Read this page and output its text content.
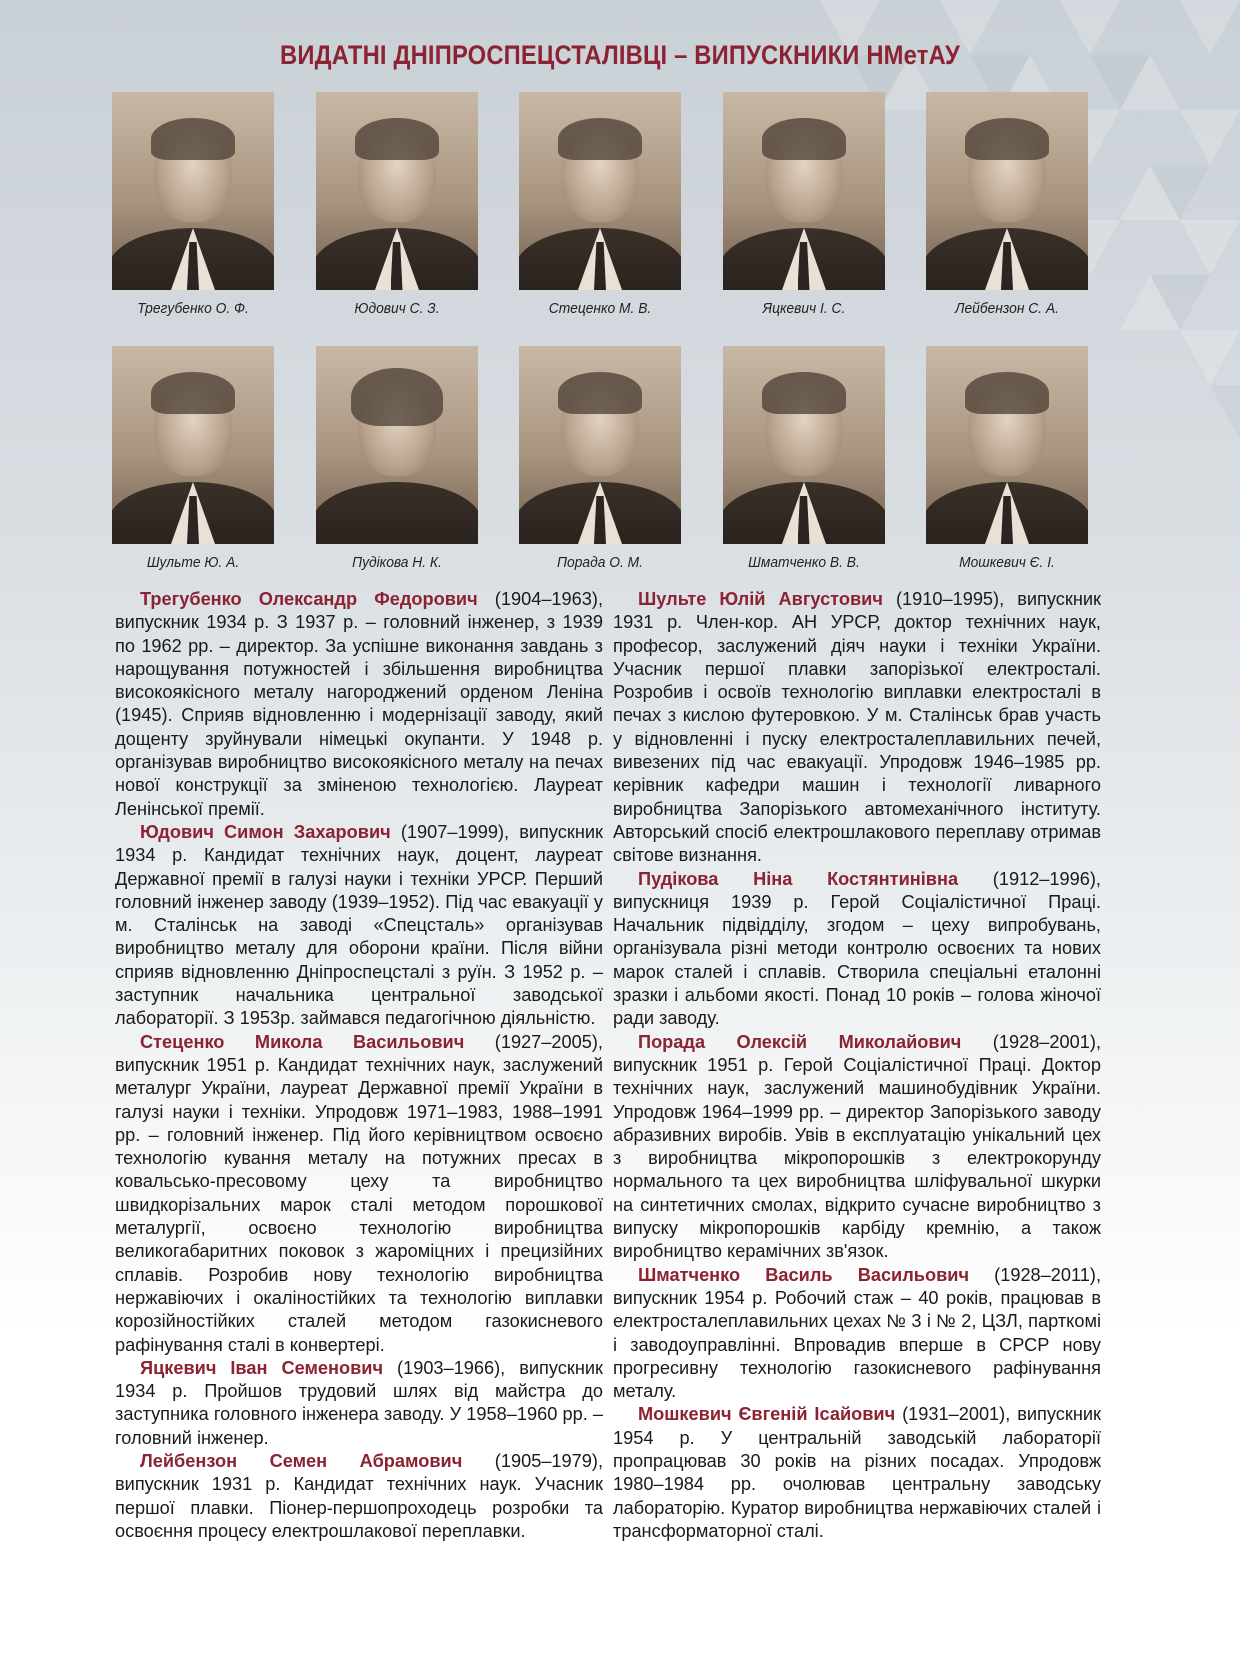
ВИДАТНІ ДНІПРОСПЕЦСТАЛІВЦІ – ВИПУСКНИКИ НМетАУ
Трегубенко О. Ф.	Юдович С. З.	Стеценко М. В.	Яцкевич І. С.	Лейбензон С. А.
Шульте Ю. А.	Пудікова Н. К.	Порада О. М.	Шматченко В. В.	Мошкевич Є. І.

Трегубенко Олександр Федорович (1904–1963), випускник 1934 р. З 1937 р. – головний інженер, з 1939 по 1962 рр. – директор. За успішне виконання завдань з нарощування потужностей і збільшення виробництва високоякісного металу нагороджений орденом Леніна (1945). Сприяв відновленню і модернізації заводу, який дощенту зруйнували німецькі окупанти. У 1948 р. організував виробництво високоякісного металу на печах нової конструкції за зміненою технологією. Лауреат Ленінської премії.

Юдович Симон Захарович (1907–1999), випускник 1934 р. Кандидат технічних наук, доцент, лауреат Державної премії в галузі науки і техніки УРСР. Перший головний інженер заводу (1939–1952). Під час евакуації у м. Сталінськ на заводі «Спецсталь» організував виробництво металу для оборони країни. Після війни сприяв відновленню Дніпроспецсталі з руїн. З 1952 р. – заступник начальника центральної заводської лабораторії. З 1953р. займався педагогічною діяльністю.

Стеценко Микола Васильович (1927–2005), випускник 1951 р. Кандидат технічних наук, заслужений металург України, лауреат Державної премії України в галузі науки і техніки. Упродовж 1971–1983, 1988–1991 рр. – головний інженер. Під його керівництвом освоєно технологію кування металу на потужних пресах в ковальсько-пресовому цеху та виробництво швидкорізальних марок сталі методом порошкової металургії, освоєно технологію виробництва великогабаритних поковок з жароміцних і прецизійних сплавів. Розробив нову технологію виробництва нержавіючих і окаліностійких та технологію виплавки корозійностійких сталей методом газокисневого рафінування сталі в конвертері.

Яцкевич Іван Семенович (1903–1966), випускник 1934 р. Пройшов трудовий шлях від майстра до заступника головного інженера заводу. У 1958–1960 рр. – головний інженер.

Лейбензон Семен Абрамович (1905–1979), випускник 1931 р. Кандидат технічних наук. Учасник першої плавки. Піонер-першопроходець розробки та освоєння процесу електрошлакової переплавки.

Шульте Юлій Августович (1910–1995), випускник 1931 р. Член-кор. АН УРСР, доктор технічних наук, професор, заслужений діяч науки і техніки України. Учасник першої плавки запорізької електросталі. Розробив і освоїв технологію виплавки електросталі в печах з кислою футеровкою. У м. Сталінськ брав участь у відновленні і пуску електросталеплавильних печей, вивезених під час евакуації. Упродовж 1946–1985 рр. керівник кафедри машин і технології ливарного виробництва Запорізького автомеханічного інституту. Авторський спосіб електрошлакового переплаву отримав світове визнання.

Пудікова Ніна Костянтинівна (1912–1996), випускниця 1939 р. Герой Соціалістичної Праці. Начальник підвідділу, згодом – цеху випробувань, організувала різні методи контролю освоєних та нових марок сталей і сплавів. Створила спеціальні еталонні зразки і альбоми якості. Понад 10 років – голова жіночої ради заводу.

Порада Олексій Миколайович (1928–2001), випускник 1951 р. Герой Соціалістичної Праці. Доктор технічних наук, заслужений машинобудівник України. Упродовж 1964–1999 рр. – директор Запорізького заводу абразивних виробів. Увів в експлуатацію унікальний цех з виробництва мікропорошків з електрокорунду нормального та цех виробництва шліфувальної шкурки на синтетичних смолах, відкрито сучасне виробництво з випуску мікропорошків карбіду кремнію, а також виробництво керамічних зв'язок.

Шматченко Василь Васильович (1928–2011), випускник 1954 р. Робочий стаж – 40 років, працював в електросталеплавильних цехах № 3 і № 2, ЦЗЛ, парткомі і заводоуправлінні. Впровадив вперше в СРСР нову прогресивну технологію газокисневого рафінування металу.

Мошкевич Євгеній Ісайович (1931–2001), випускник 1954 р. У центральній заводській лабораторії пропрацював 30 років на різних посадах. Упродовж 1980–1984 рр. очолював центральну заводську лабораторію. Куратор виробництва нержавіючих сталей і трансформаторної сталі.
